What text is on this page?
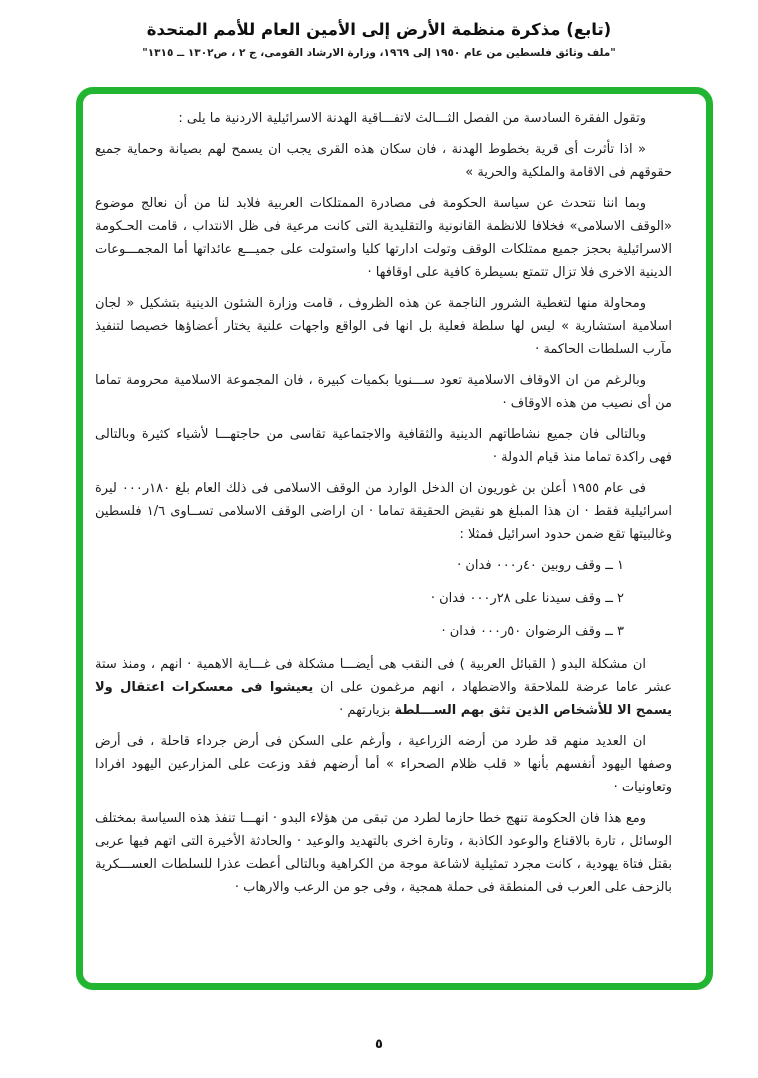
(تابع) مذكرة منظمة الأرض إلى الأمين العام للأمم المتحدة
"ملف وثائق فلسطين من عام ١٩٥٠ إلى ١٩٦٩، وزارة الارشاد القومى، ج ٢ ، ص١٣٠٢ ــ ١٣١٥"

وتقول الفقرة السادسة من الفصل الثـــالث لاتفـــاقية الهدنة الاسرائيلية الاردنية ما يلى :

« اذا تأثرت أى قرية بخطوط الهدنة ، فان سكان هذه القرى يجب ان يسمح لهم بصيانة وحماية جميع حقوقهم فى الاقامة والملكية والحرية »

وبما اننا نتحدث عن سياسة الحكومة فى مصادرة الممتلكات العربية فلابد لنا من أن نعالج موضوع «الوقف الاسلامى» فخلافا للانظمة القانونية والتقليدية التى كانت مرعية فى ظل الانتداب ، قامت الحـكومة الاسرائيلية بحجز جميع ممتلكات الوقف وتولت ادارتها كليا واستولت على جميـــع عائداتها أما المجمـــوعات الدينية الاخرى فلا تزال تتمتع بسيطرة كافية على اوقافها ·

ومحاولة منها لتغطية الشرور الناجمة عن هذه الظروف ، قامت وزارة الشئون الدينية بتشكيل « لجان اسلامية استشارية » ليس لها سلطة فعلية بل انها فى الواقع واجهات علنية يختار أعضاؤها خصيصا لتنفيذ مآرب السلطات الحاكمة ·

وبالرغم من ان الاوقاف الاسلامية تعود ســـنويا بكميات كبيرة ، فان المجموعة الاسلامية محرومة تماما من أى نصيب من هذه الاوقاف ·

وبالتالى فان جميع نشاطاتهم الدينية والثقافية والاجتماعية تقاسى من حاجتهـــا لأشياء كثيرة وبالتالى فهى راكدة تماما منذ قيام الدولة ·

فى عام ١٩٥٥ أعلن بن غوريون ان الدخل الوارد من الوقف الاسلامى فى ذلك العام بلغ ١٨٠ر٠٠٠ ليرة اسرائيلية فقط · ان هذا المبلغ هو نقيض الحقيقة تماما · ان اراضى الوقف الاسلامى تســاوى ١/٦ فلسطين وغالبيتها تقع ضمن حدود اسرائيل فمثلا :

١ ــ وقف روبين ٤٠ر٠٠٠ فدان ·
٢ ــ وقف سيدنا على ٢٨ر٠٠٠ فدان ·
٣ ــ وقف الرضوان ٥٠ر٠٠٠ فدان ·

ان مشكلة البدو ( القبائل العربية ) فى النقب هى أيضـــا مشكلة فى غـــاية الاهمية · انهم ، ومنذ ستة عشر عاما عرضة للملاحقة والاضطهاد ، انهم مرغمون على ان يعيشوا فى معسكرات اعتقال ولا يسمح الا للأشخاص الذين تثق بهم الســـلطة بزيارتهم ·

ان العديد منهم قد طرد من أرضه الزراعية ، وأرغم على السكن فى أرض جرداء قاحلة ، فى أرض وصفها اليهود أنفسهم بأنها « قلب ظلام الصحراء » أما أرضهم فقد وزعت على المزارعين اليهود افرادا وتعاونيات ·

ومع هذا فان الحكومة تنهج خطا حازما لطرد من تبقى من هؤلاء البدو · انهـــا تنفذ هذه السياسة بمختلف الوسائل ، تارة بالاقناع والوعود الكاذبة ، وتارة اخرى بالتهديد والوعيد · والحادثة الأخيرة التى اتهم فيها عربى بقتل فتاة يهودية ، كانت مجرد تمثيلية لاشاعة موجة من الكراهية وبالتالى أعطت عذرا للسلطات العســـكرية بالزحف على العرب فى المنطقة فى حملة همجية ، وفى جو من الرعب والارهاب ·

٥
